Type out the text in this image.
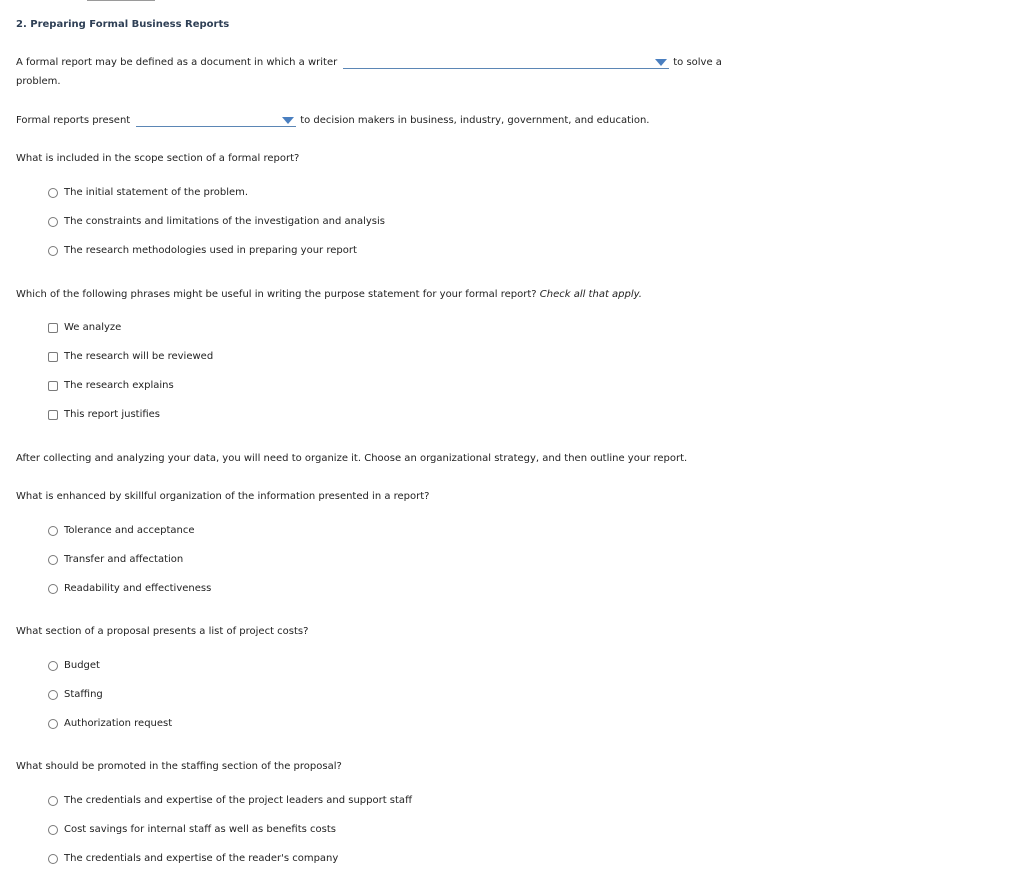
2. Preparing Formal Business Reports
A formal report may be defined as a document in which a writer	to solve a
problem.
Formal reports present	to decision makers in business, industry, government, and education.
What is included in the scope section of a formal report?
The initial statement of the problem.
The constraints and limitations of the investigation and analysis
The research methodologies used in preparing your report
Which of the following phrases might be useful in writing the purpose statement for your formal report? Check all that apply.
We analyze
The research will be reviewed
The research explains
This report justifies
After collecting and analyzing your data, you will need to organize it. Choose an organizational strategy, and then outline your report.
What is enhanced by skillful organization of the information presented in a report?
Tolerance and acceptance
Transfer and affectation
Readability and effectiveness
What section of a proposal presents a list of project costs?
Budget
Staffing
Authorization request
What should be promoted in the staffing section of the proposal?
The credentials and expertise of the project leaders and support staff
Cost savings for internal staff as well as benefits costs
The credentials and expertise of the reader's company
